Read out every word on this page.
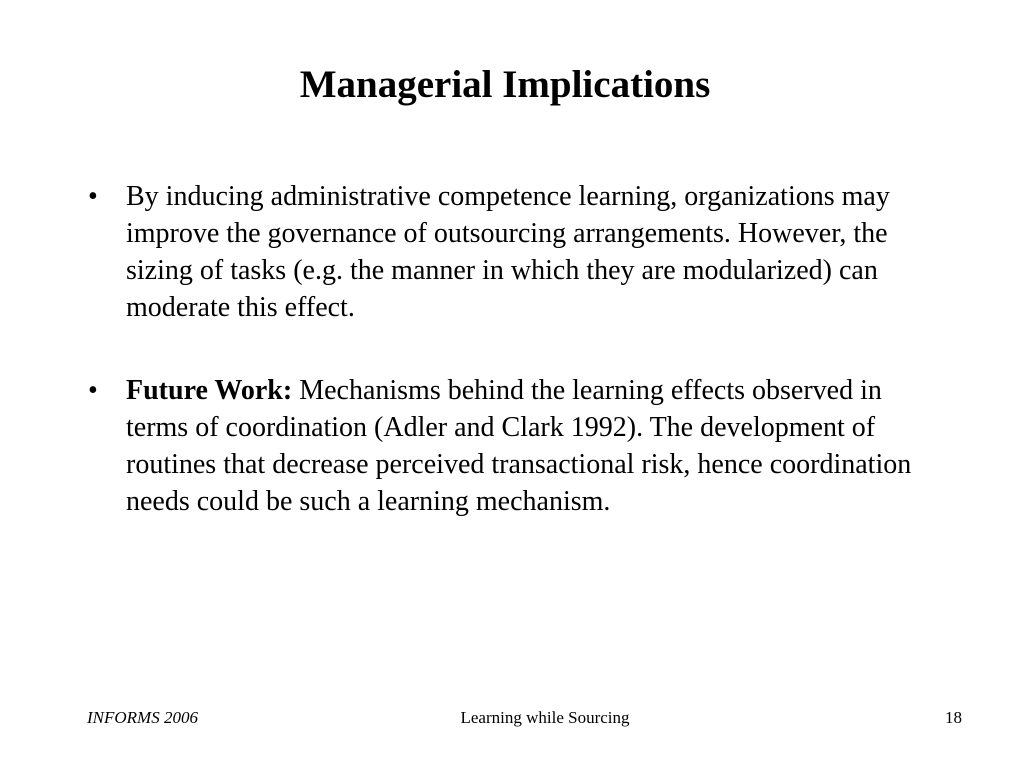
Managerial Implications
• By inducing administrative competence learning, organizations may improve the governance of outsourcing arrangements. However, the sizing of tasks (e.g. the manner in which they are modularized) can moderate this effect.
• Future Work: Mechanisms behind the learning effects observed in terms of coordination (Adler and Clark 1992). The development of routines that decrease perceived transactional risk, hence coordination needs could be such a learning mechanism.
INFORMS 2006	Learning while Sourcing	18
